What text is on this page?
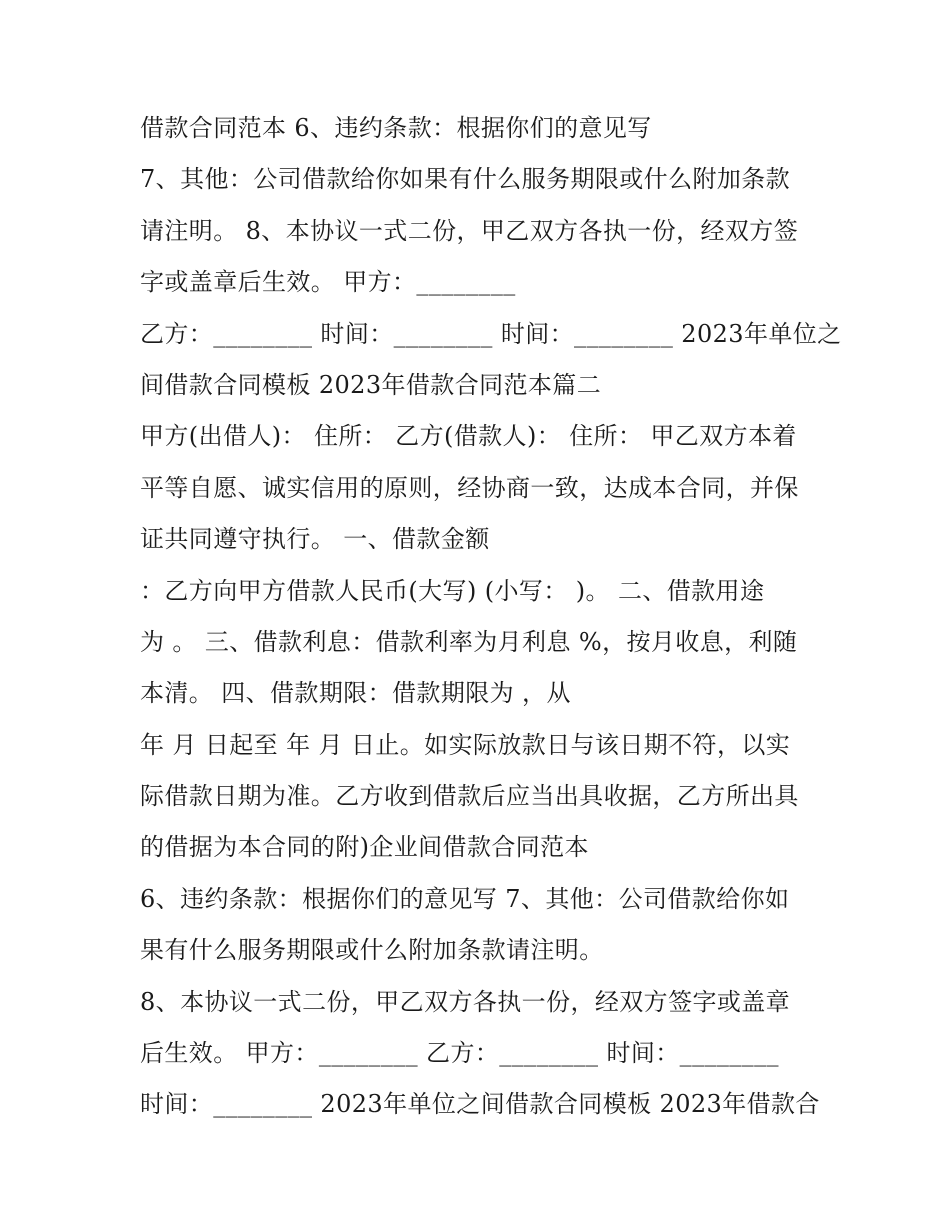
借款合同范本 6、违约条款：根据你们的意见写
7、其他：公司借款给你如果有什么服务期限或什么附加条款
请注明。 8、本协议一式二份，甲乙双方各执一份，经双方签
字或盖章后生效。 甲方：________
乙方：________ 时间：________ 时间：________ 2023年单位之
间借款合同模板 2023年借款合同范本篇二
甲方(出借人)： 住所： 乙方(借款人)： 住所： 甲乙双方本着
平等自愿、诚实信用的原则，经协商一致，达成本合同，并保
证共同遵守执行。 一、借款金额
：乙方向甲方借款人民币(大写) (小写： )。 二、借款用途
为 。 三、借款利息：借款利率为月利息 %，按月收息，利随
本清。 四、借款期限：借款期限为 ，从
年 月 日起至 年 月 日止。如实际放款日与该日期不符，以实
际借款日期为准。乙方收到借款后应当出具收据，乙方所出具
的借据为本合同的附)企业间借款合同范本
6、违约条款：根据你们的意见写 7、其他：公司借款给你如
果有什么服务期限或什么附加条款请注明。
8、本协议一式二份，甲乙双方各执一份，经双方签字或盖章
后生效。 甲方：________ 乙方：________ 时间：________
时间：________ 2023年单位之间借款合同模板 2023年借款合
